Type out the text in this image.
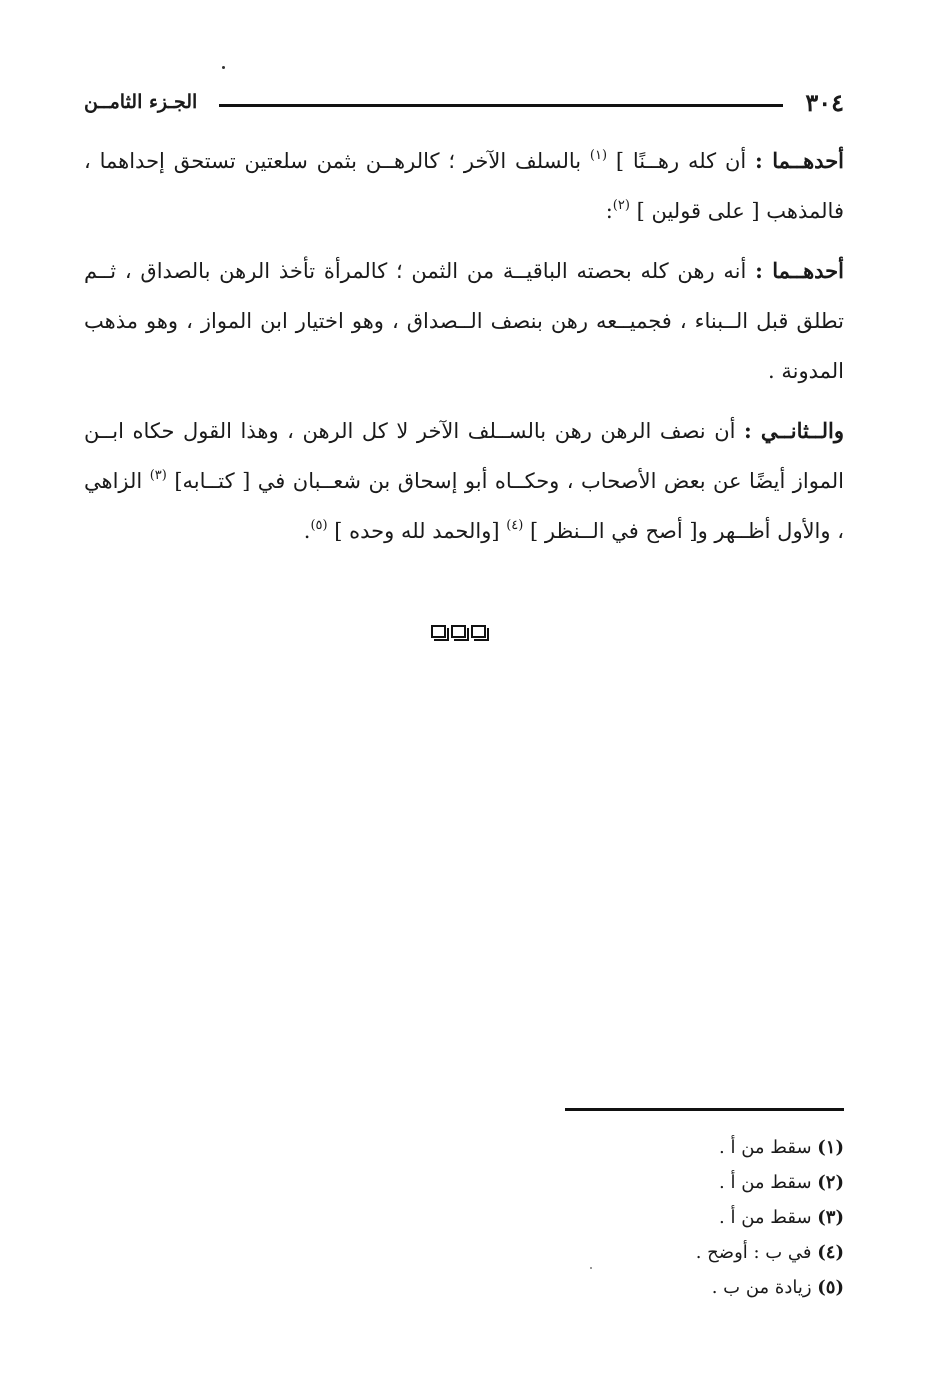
٣٠٤
الجـزء الثامــن

أحدهــما : أن كله رهــنًا ] $^{(١)}$ بالسلف الآخر ؛ كالرهــن بثمن سلعتين تستحق إحداهما ، فالمذهب [ على قولين ] $^{(٢)}$:

أحدهــما : أنه رهن كله بحصته الباقيــة من الثمن ؛ كالمرأة تأخذ الرهن بالصداق ، ثــم تطلق قبل الــبناء ، فجميــعه رهن بنصف الــصداق ، وهو اختيار ابن المواز ، وهو مذهب المدونة .

والــثانــي : أن نصف الرهن رهن بالســلف الآخر لا كل الرهن ، وهذا القول حكاه ابــن المواز أيضًا عن بعض الأصحاب ، وحكــاه أبو إسحاق بن شعــبان في [ كتــابه] $^{(٣)}$ الزاهي ، والأول أظــهر و[ أصح في الــنظر ] $^{(٤)}$ [والحمد لله وحده ] $^{(٥)}$.

(١) سقط من أ .

(٢) سقط من أ .

(٣) سقط من أ .

(٤) في ب : أوضح .

(٥) زيادة من ب .
